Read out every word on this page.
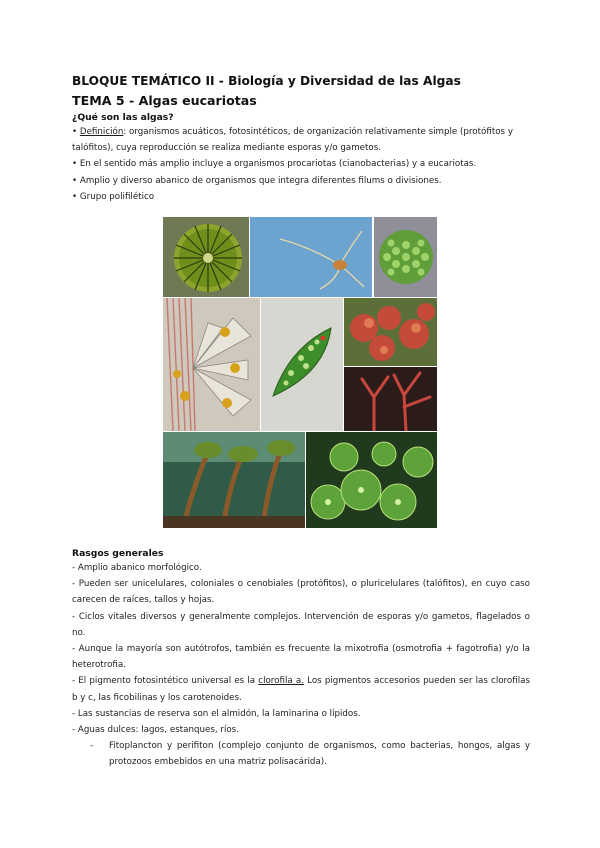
BLOQUE TEMÁTICO II - Biología y Diversidad de las Algas
TEMA 5 - Algas eucariotas
¿Qué son las algas?

• Definición: organismos acuáticos, fotosintéticos, de organización relativamente simple (protófitos y talófitos), cuya reproducción se realiza mediante esporas y/o gametos.

• En el sentido más amplio incluye a organismos procariotas (cianobacterias) y a eucariotas.

• Amplio y diverso abanico de organismos que integra diferentes filums o divisiones.

• Grupo polifilético

Rasgos generales

- Amplio abanico morfológico.

- Pueden ser unicelulares, coloniales o cenobiales (protófitos), o pluricelulares (talófitos), en cuyo caso carecen de raíces, tallos y hojas.

- Ciclos vitales diversos y generalmente complejos. Intervención de esporas y/o gametos, flagelados o no.

- Aunque la mayoría son autótrofos, también es frecuente la mixotrofia (osmotrofia + fagotrofia) y/o la heterotrofia.

- El pigmento fotosintético universal es la clorofila a. Los pigmentos accesorios pueden ser las clorofilas b y c, las ficobilinas y los carotenoides.

- Las sustancias de reserva son el almidón, la laminarina o lípidos.

- Aguas dulces: lagos, estanques, ríos.

- Fitoplancton y perifiton (complejo conjunto de organismos, como bacterias, hongos, algas y protozoos embebidos en una matriz polisacárida).
